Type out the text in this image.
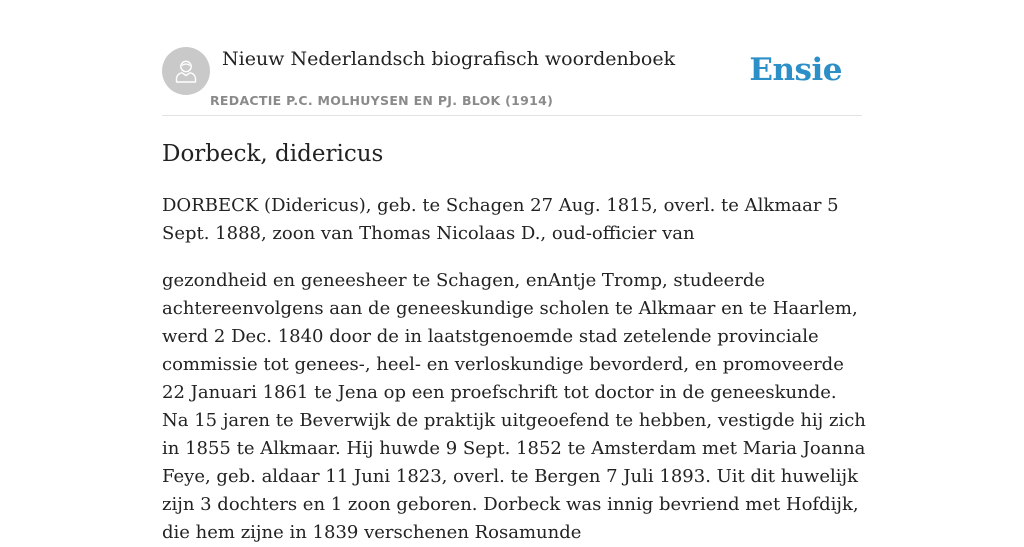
Nieuw Nederlandsch biografisch woordenboek
REDACTIE P.C. MOLHUYSEN EN PJ. BLOK (1914)
Ensie
Dorbeck, didericus

DORBECK (Didericus), geb. te Schagen 27 Aug. 1815, overl. te Alkmaar 5 Sept. 1888, zoon van Thomas Nicolaas D., oud-officier van

gezondheid en geneesheer te Schagen, enAntje Tromp, studeerde achtereenvolgens aan de geneeskundige scholen te Alkmaar en te Haarlem, werd 2 Dec. 1840 door de in laatstgenoemde stad zetelende provinciale commissie tot genees-, heel- en verloskundige bevorderd, en promoveerde 22 Januari 1861 te Jena op een proefschrift tot doctor in de geneeskunde. Na 15 jaren te Beverwijk de praktijk uitgeoefend te hebben, vestigde hij zich in 1855 te Alkmaar. Hij huwde 9 Sept. 1852 te Amsterdam met Maria Joanna Feye, geb. aldaar 11 Juni 1823, overl. te Bergen 7 Juli 1893. Uit dit huwelijk zijn 3 dochters en 1 zoon geboren. Dorbeck was innig bevriend met Hofdijk, die hem zijne in 1839 verschenen Rosamunde
